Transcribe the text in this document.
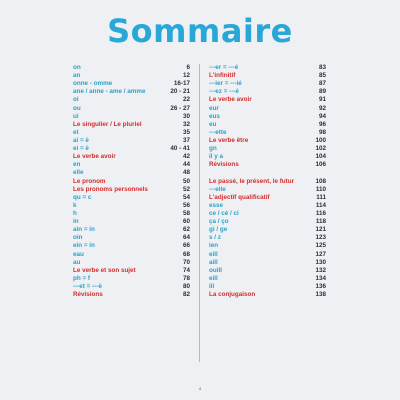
Sommaire
on	6
an	12
onne - omme	16-17
ane / anne - ame / amme	20 - 21
oi	22
ou	26 - 27
ui	30
Le singulier / Le pluriel	32
et	35
ai = è	37
ei = è	40 - 41
Le verbe avoir	42
en	44
elle	48
Le pronom	50
Les pronoms personnels	52
qu = c	54
k	56
h	58
in	60
ain = in	62
oin	64
ein = in	66
eau	68
au	70
Le verbe et son sujet	74
ph = f	78
---et = ---è	80
Révisions	82
---er = ---é	83
L'infinitif	85
---ier = ---ié	87
---ez = ---é	89
Le verbe avoir	91
eur	92
eus	94
eu	96
---ette	98
Le verbe être	100
gn	102
il y a	104
Révisions	106
Le passé, le présent, le futur	108
---elle	110
L'adjectif qualificatif	111
esse	114
ce / cé / ci	116
ça / ço	118
gi / ge	121
s / z	123
ien	125
eill	127
aill	130
ouill	132
eill	134
ill	136
La conjugaison	138
4
